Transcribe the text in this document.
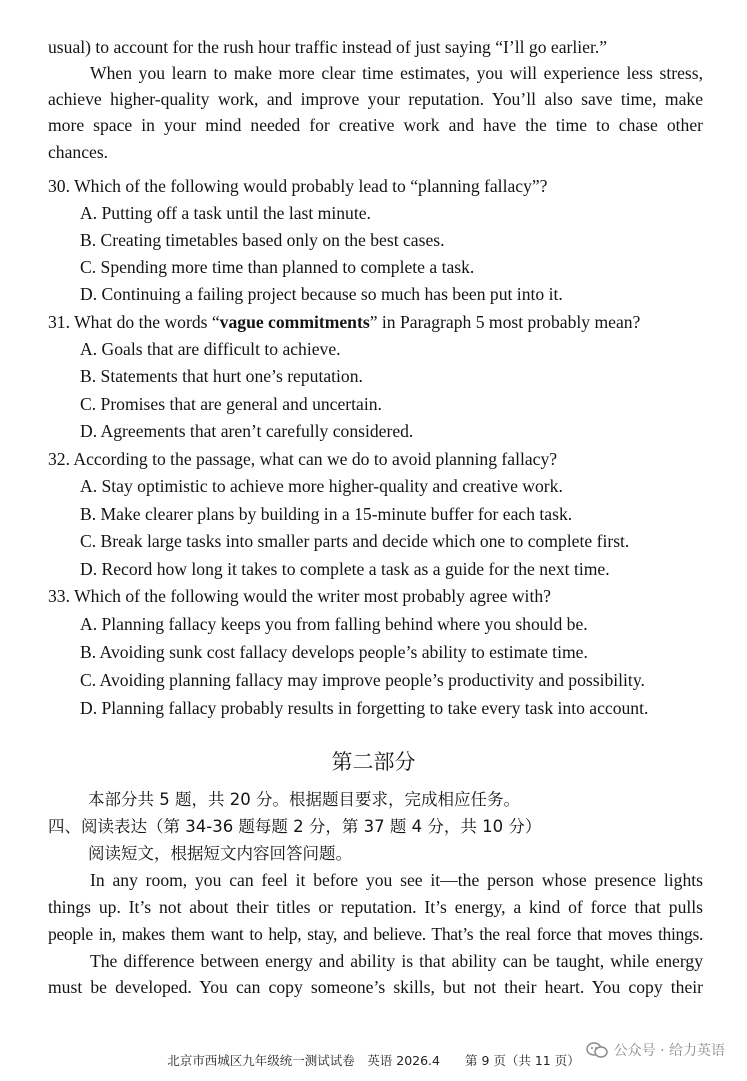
usual) to account for the rush hour traffic instead of just saying “I’ll go earlier.”
When you learn to make more clear time estimates, you will experience less stress,
achieve higher-quality work, and improve your reputation. You’ll also save time, make
more space in your mind needed for creative work and have the time to chase other
chances.
30. Which of the following would probably lead to “planning fallacy”?
A. Putting off a task until the last minute.
B. Creating timetables based only on the best cases.
C. Spending more time than planned to complete a task.
D. Continuing a failing project because so much has been put into it.
31. What do the words “vague commitments” in Paragraph 5 most probably mean?
A. Goals that are difficult to achieve.
B. Statements that hurt one’s reputation.
C. Promises that are general and uncertain.
D. Agreements that aren’t carefully considered.
32. According to the passage, what can we do to avoid planning fallacy?
A. Stay optimistic to achieve more higher-quality and creative work.
B. Make clearer plans by building in a 15-minute buffer for each task.
C. Break large tasks into smaller parts and decide which one to complete first.
D. Record how long it takes to complete a task as a guide for the next time.
33. Which of the following would the writer most probably agree with?
A. Planning fallacy keeps you from falling behind where you should be.
B. Avoiding sunk cost fallacy develops people’s ability to estimate time.
C. Avoiding planning fallacy may improve people’s productivity and possibility.
D. Planning fallacy probably results in forgetting to take every task into account.
第二部分
本部分共 5 题，共 20 分。根据题目要求，完成相应任务。
四、阅读表达（第 34-36 题每题 2 分，第 37 题 4 分，共 10 分）
阅读短文，根据短文内容回答问题。
In any room, you can feel it before you see it—the person whose presence lights
things up. It’s not about their titles or reputation. It’s energy, a kind of force that pulls
people in, makes them want to help, stay, and believe. That’s the real force that moves things.
The difference between energy and ability is that ability can be taught, while energy
must be developed. You can copy someone’s skills, but not their heart. You copy their
北京市西城区九年级统一测试试卷　英语 2026.4　　第 9 页（共 11 页）
公众号 · 给力英语
